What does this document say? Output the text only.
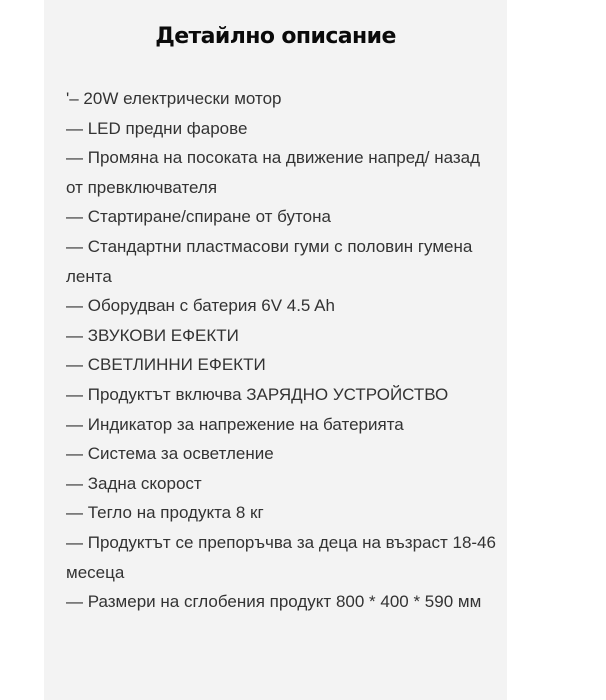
Детайлно описание
'– 20W електрически мотор
— LED предни фарове
— Промяна на посоката на движение напред/ назад от превключвателя
— Стартиране/спиране от бутона
— Стандартни пластмасови гуми с половин гумена лента
— Оборудван с батерия 6V 4.5 Ah
— ЗВУКОВИ ЕФЕКТИ
— СВЕТЛИННИ ЕФЕКТИ
— Продуктът включва ЗАРЯДНО УСТРОЙСТВО
— Индикатор за напрежение на батерията
— Система за осветление
— Задна скорост
— Тегло на продукта 8 кг
— Продуктът се препоръчва за деца на възраст 18-46 месеца
— Размери на сглобения продукт 800 * 400 * 590 мм
